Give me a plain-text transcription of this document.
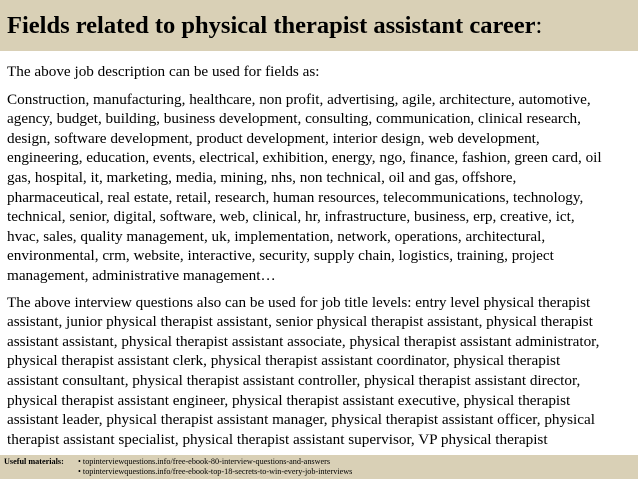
Fields related to physical therapist assistant career:
The above job description can be used for fields as:
Construction, manufacturing, healthcare, non profit, advertising, agile, architecture, automotive,
agency, budget, building, business development, consulting, communication, clinical research,
design, software development, product development, interior design, web development,
engineering, education, events, electrical, exhibition, energy, ngo, finance, fashion, green card, oil
gas, hospital, it, marketing, media, mining, nhs, non technical, oil and gas, offshore,
pharmaceutical, real estate, retail, research, human resources, telecommunications, technology,
technical, senior, digital, software, web, clinical, hr, infrastructure, business, erp, creative, ict,
hvac, sales, quality management, uk, implementation, network, operations, architectural,
environmental, crm, website, interactive, security, supply chain, logistics, training, project
management, administrative management…
The above interview questions also can be used for job title levels: entry level physical therapist
assistant, junior physical therapist assistant, senior physical therapist assistant, physical therapist
assistant assistant, physical therapist assistant associate, physical therapist assistant administrator,
physical therapist assistant clerk, physical therapist assistant coordinator, physical therapist
assistant consultant, physical therapist assistant controller, physical therapist assistant director,
physical therapist assistant engineer, physical therapist assistant executive, physical therapist
assistant leader, physical therapist assistant manager, physical therapist assistant officer, physical
therapist assistant specialist, physical therapist assistant supervisor, VP physical therapist
Useful materials:	• topinterviewquestions.info/free-ebook-80-interview-questions-and-answers
• topinterviewquestions.info/free-ebook-top-18-secrets-to-win-every-job-interviews
